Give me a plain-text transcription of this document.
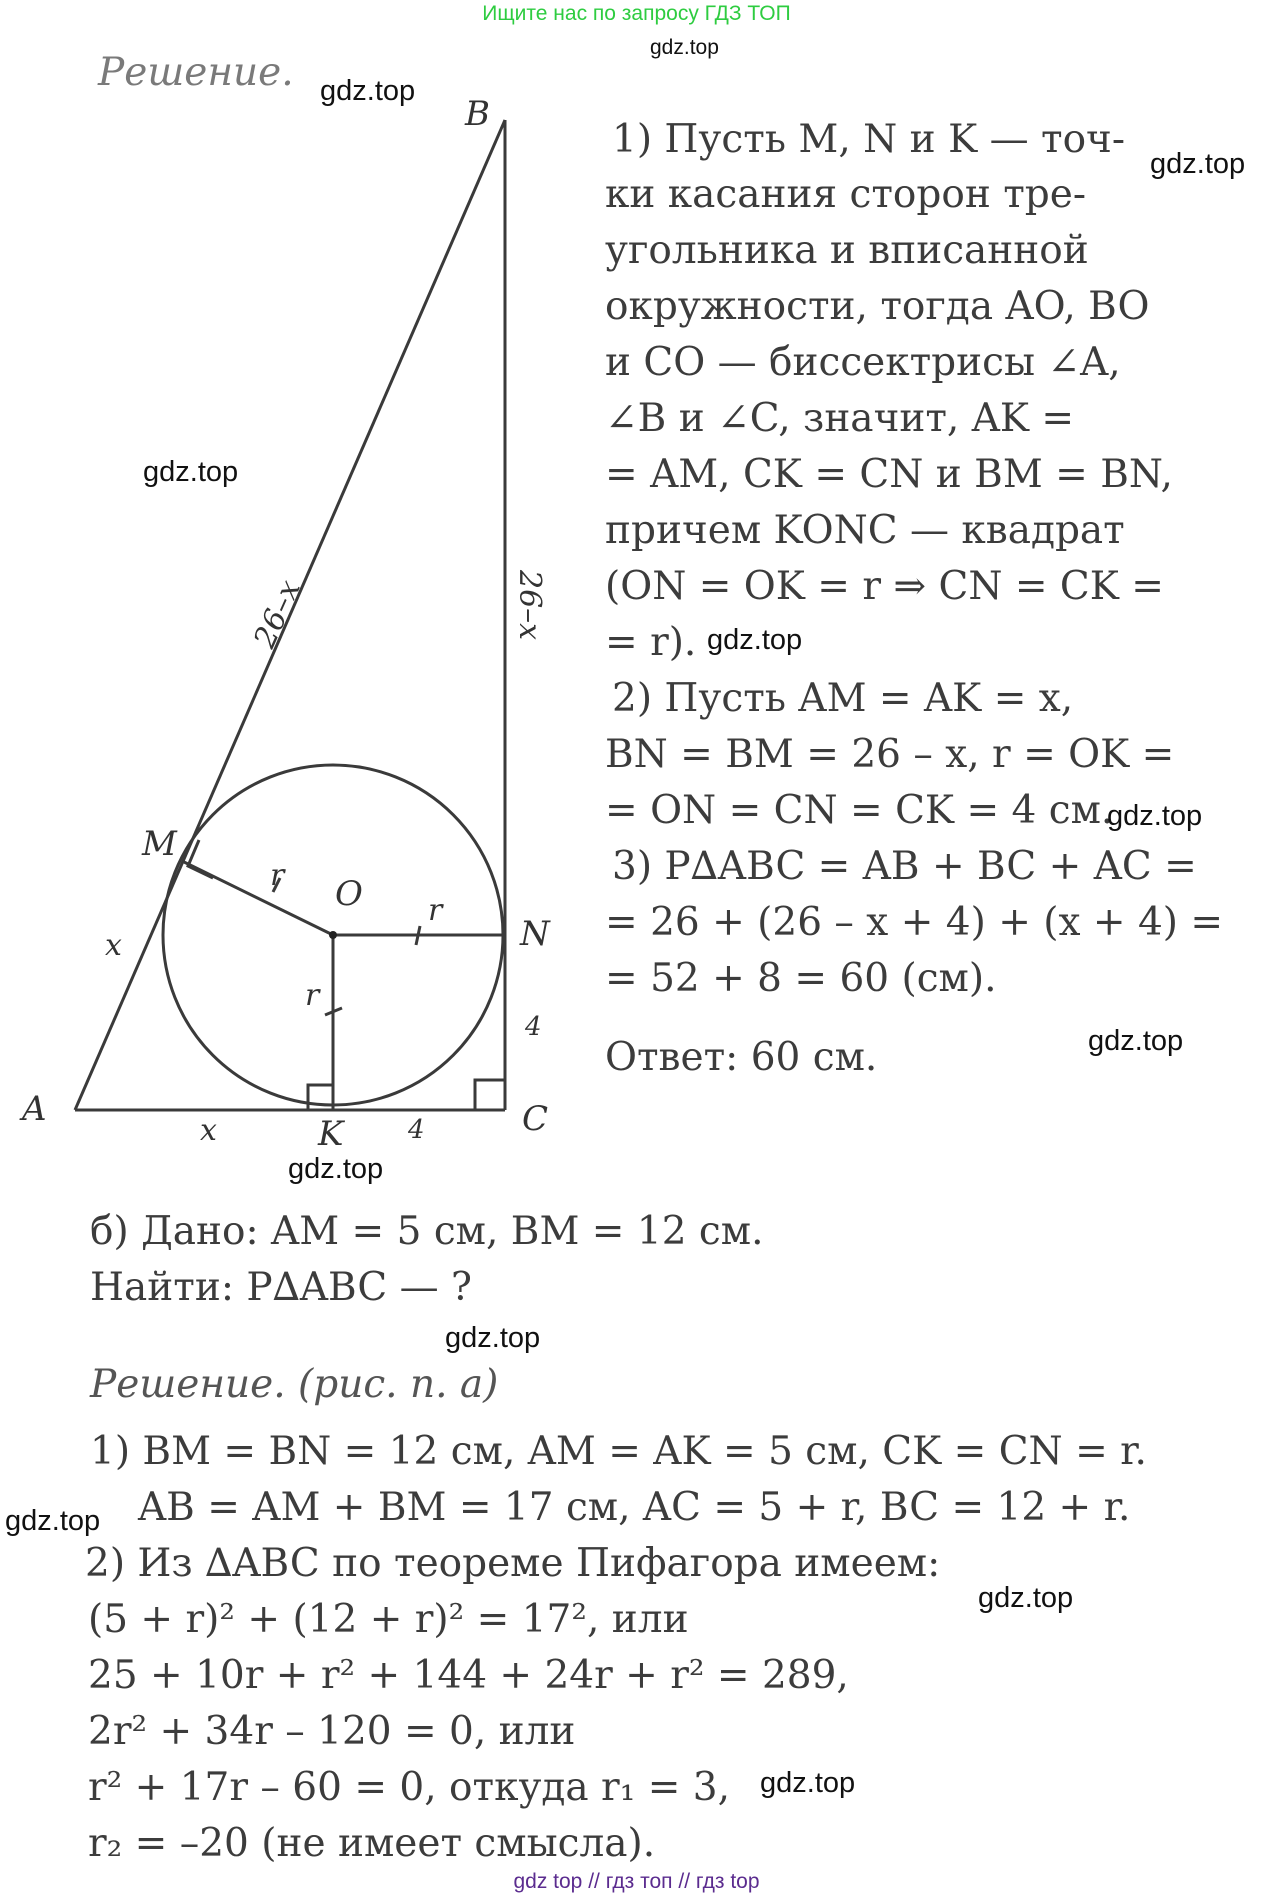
Ищите нас по запросу ГДЗ ТОП
Решение.
B
A	C
M
N
K
O
r
r
r
x
x	4
4
26–x	26–x
1) Пусть M, N и K — точ-
ки касания сторон тре-
угольника и вписанной
окружности, тогда AO, BO
и CO — биссектрисы ∠A,
∠B и ∠C, значит, AK =
= AM, CK = CN и BM = BN,
причем KONC — квадрат
(ON = OK = r ⇒ CN = CK =
= r).
2) Пусть AM = AK = x,
BN = BM = 26 – x, r = OK =
= ON = CN = CK = 4 см.
3) P∆ABC = AB + BC + AC =
= 26 + (26 – x + 4) + (x + 4) =
= 52 + 8 = 60 (см).
Ответ: 60 см.
б) Дано: AM = 5 см, BM = 12 см.
Найти: P∆ABC — ?
Решение. (рис. п. а)
1) BM = BN = 12 см, AM = AK = 5 см, CK = CN = r.
AB = AM + BM = 17 см, AC = 5 + r, BC = 12 + r.
2) Из ∆ABC по теореме Пифагора имеем:
(5 + r)² + (12 + r)² = 17², или
25 + 10r + r² + 144 + 24r + r² = 289,
2r² + 34r – 120 = 0, или
r² + 17r – 60 = 0, откуда r₁ = 3,
r₂ = –20 (не имеет смысла).
gdz.top
gdz.top
gdz.top
gdz.top
gdz.top
gdz.top
gdz.top
gdz.top
gdz.top
gdz.top
gdz.top
gdz.top
gdz top // гдз топ // гдз top
